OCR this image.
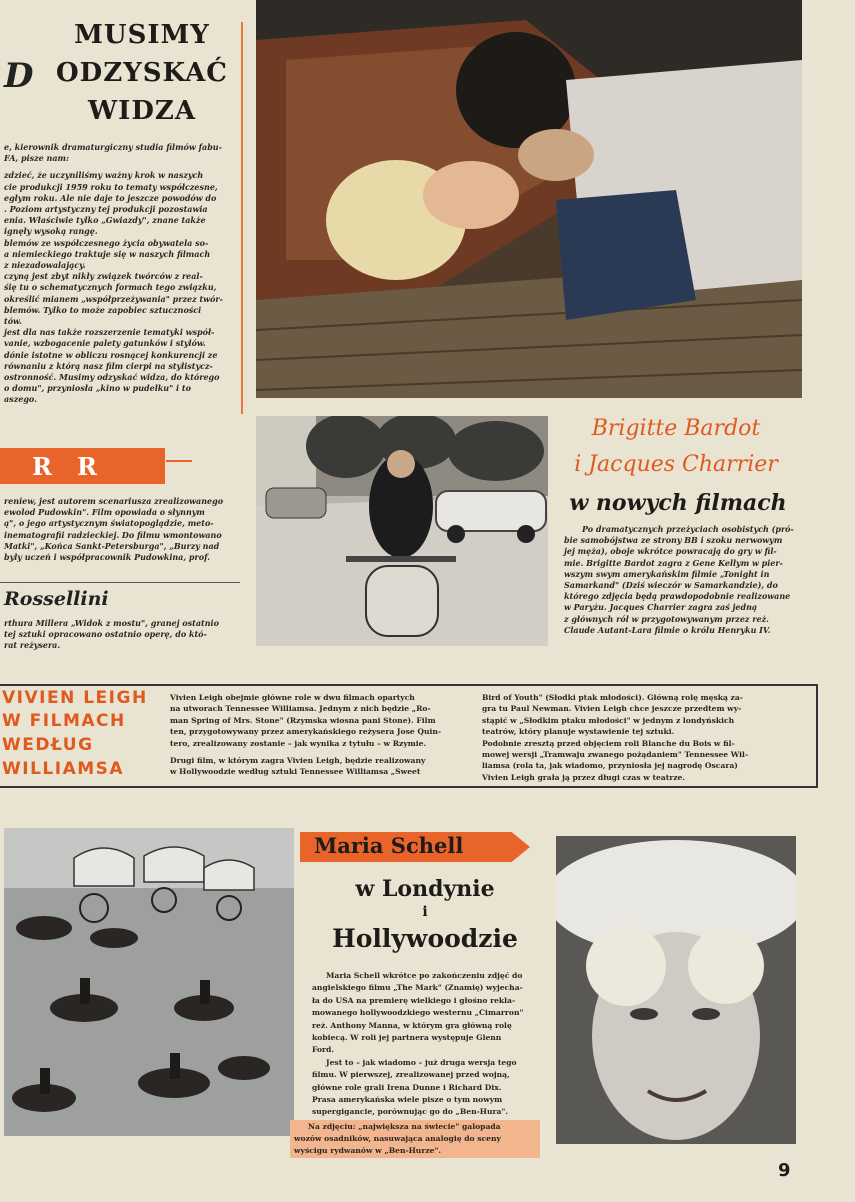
D
MUSIMY
ODZYSKAĆ
WIDZA

e, kierownik dramaturgiczny studia filmów fabu-

FA, pisze nam:

zdzieć, że uczyniliśmy ważny krok w naszych

cie produkcji 1959 roku to tematy współczesne,

egłym roku. Ale nie daje to jeszcze powodów do

. Poziom artystyczny tej produkcji pozostawia

enia. Właściwie tylko „Gwiazdy", znane także

ignęły wysoką rangę.

blemów ze współczesnego życia obywatela so-

a niemieckiego traktuje się w naszych filmach

z niezadowalający.

czyną jest zbyt nikły związek twórców z real-

śię tu o schematycznych formach tego związku,

określić mianem „współprzeżywania" przez twór-

blemów. Tylko to może zapobiec sztuczności

tów.

jest dla nas także rozszerzenie tematyki współ-

vanie, wzbogacenie palety gatunków i stylów.

dónie istotne w obliczu rosnącej konkurencji ze

równaniu z którą nasz film cierpi na stylistycz-

ostronność. Musimy odzyskać widza, do którego

o domu", przyniosła „kino w pudelku" i to

aszego.

R   R

reniew, jest autorem scenariusza zrealizowanego

ewolod Pudowkin". Film opowiada o słynnym

ą", o jego artystycznym światopoglądzie, meto-

inematografii radzieckiej. Do filmu wmontowano

Matki", „Końca Sankt-Petersburga", „Burzy nad

byly uczeń i współpracownik Pudowkina, prof.

Rossellini

rthura Millera „Widok z mostu", granej ostatnio

tej sztuki opracowano ostatnio operę, do któ-

rat reżysera.

Brigitte Bardot
i Jacques Charrier
w nowych filmach

Po dramatycznych przeżyciach osobistych (pró-

bie samobójstwa ze strony BB i szoku nerwowym

jej męża), oboje wkrótce powracają do gry w fil-

mie. Brigitte Bardot zagra z Gene Kellym w pier-

wszym swym amerykańskim filmie „Tonight in

Samarkand" (Dziś wieczór w Samarkandzie), do

którego zdjęcia będą prawdopodobnie realizowane

w Paryżu. Jacques Charrier zagra zaś jedną

z głównych ról w przygotowywanym przez reż.

Claude Autant-Lara filmie o królu Henryku IV.

VIVIEN LEIGH
W FILMACH
WEDŁUG
WILLIAMSA

Vivien Leigh obejmie główne role w dwu filmach opartych

na utworach Tennessee Williamsa. Jednym z nich będzie „Ro-

man Spring of Mrs. Stone" (Rzymska wiosna pani Stone). Film

ten, przygotowywany przez amerykańskiego reżysera Jose Quin-

tero, zrealizowany zostanie – jak wynika z tytułu – w Rzymie.

Drugi film, w którym zagra Vivien Leigh, będzie realizowany

w Hollywoodzie według sztuki Tennessee Williamsa „Sweet

Bird of Youth" (Słodki ptak młodości). Główną rolę męską za-

gra tu Paul Newman. Vivien Leigh chce jeszcze przedtem wy-

stąpić w „Słodkim ptaku młodości" w jednym z londyńskich

teatrów, który planuje wystawienie tej sztuki.

Podobnie zresztą przed objęciem roli Blanche du Bois w fil-

mowej wersji „Tramwaju zwanego pożądaniem" Tennessee Wil-

liamsa (rola ta, jak wiadomo, przyniosła jej nagrodę Oscara)

Vivien Leigh grała ją przez długi czas w teatrze.

Maria Schell
w Londynie
i
Hollywoodzie

Maria Schell wkrótce po zakończeniu zdjęć do

angielskiego filmu „The Mark" (Znamię) wyjecha-

ła do USA na premierę wielkiego i głośno rekla-

mowanego hollywoodzkiego westernu „Cimarron"

reż. Anthony Manna, w którym gra główną rolę

kobiecą. W roli jej partnera występuje Glenn

Ford.

Jest to – jak wiadomo – już druga wersja tego

filmu. W pierwszej, zrealizowanej przed wojną,

główne role grali Irena Dunne i Richard Dix.

Prasa amerykańska wiele pisze o tym nowym

supergigancie, porównując go do „Ben-Hura".

Na zdjęciu: „największa na świecie" galopada

wozów osadników, nasuwająca analogię do sceny

wyścigu rydwanów w „Ben-Hurze".

9
